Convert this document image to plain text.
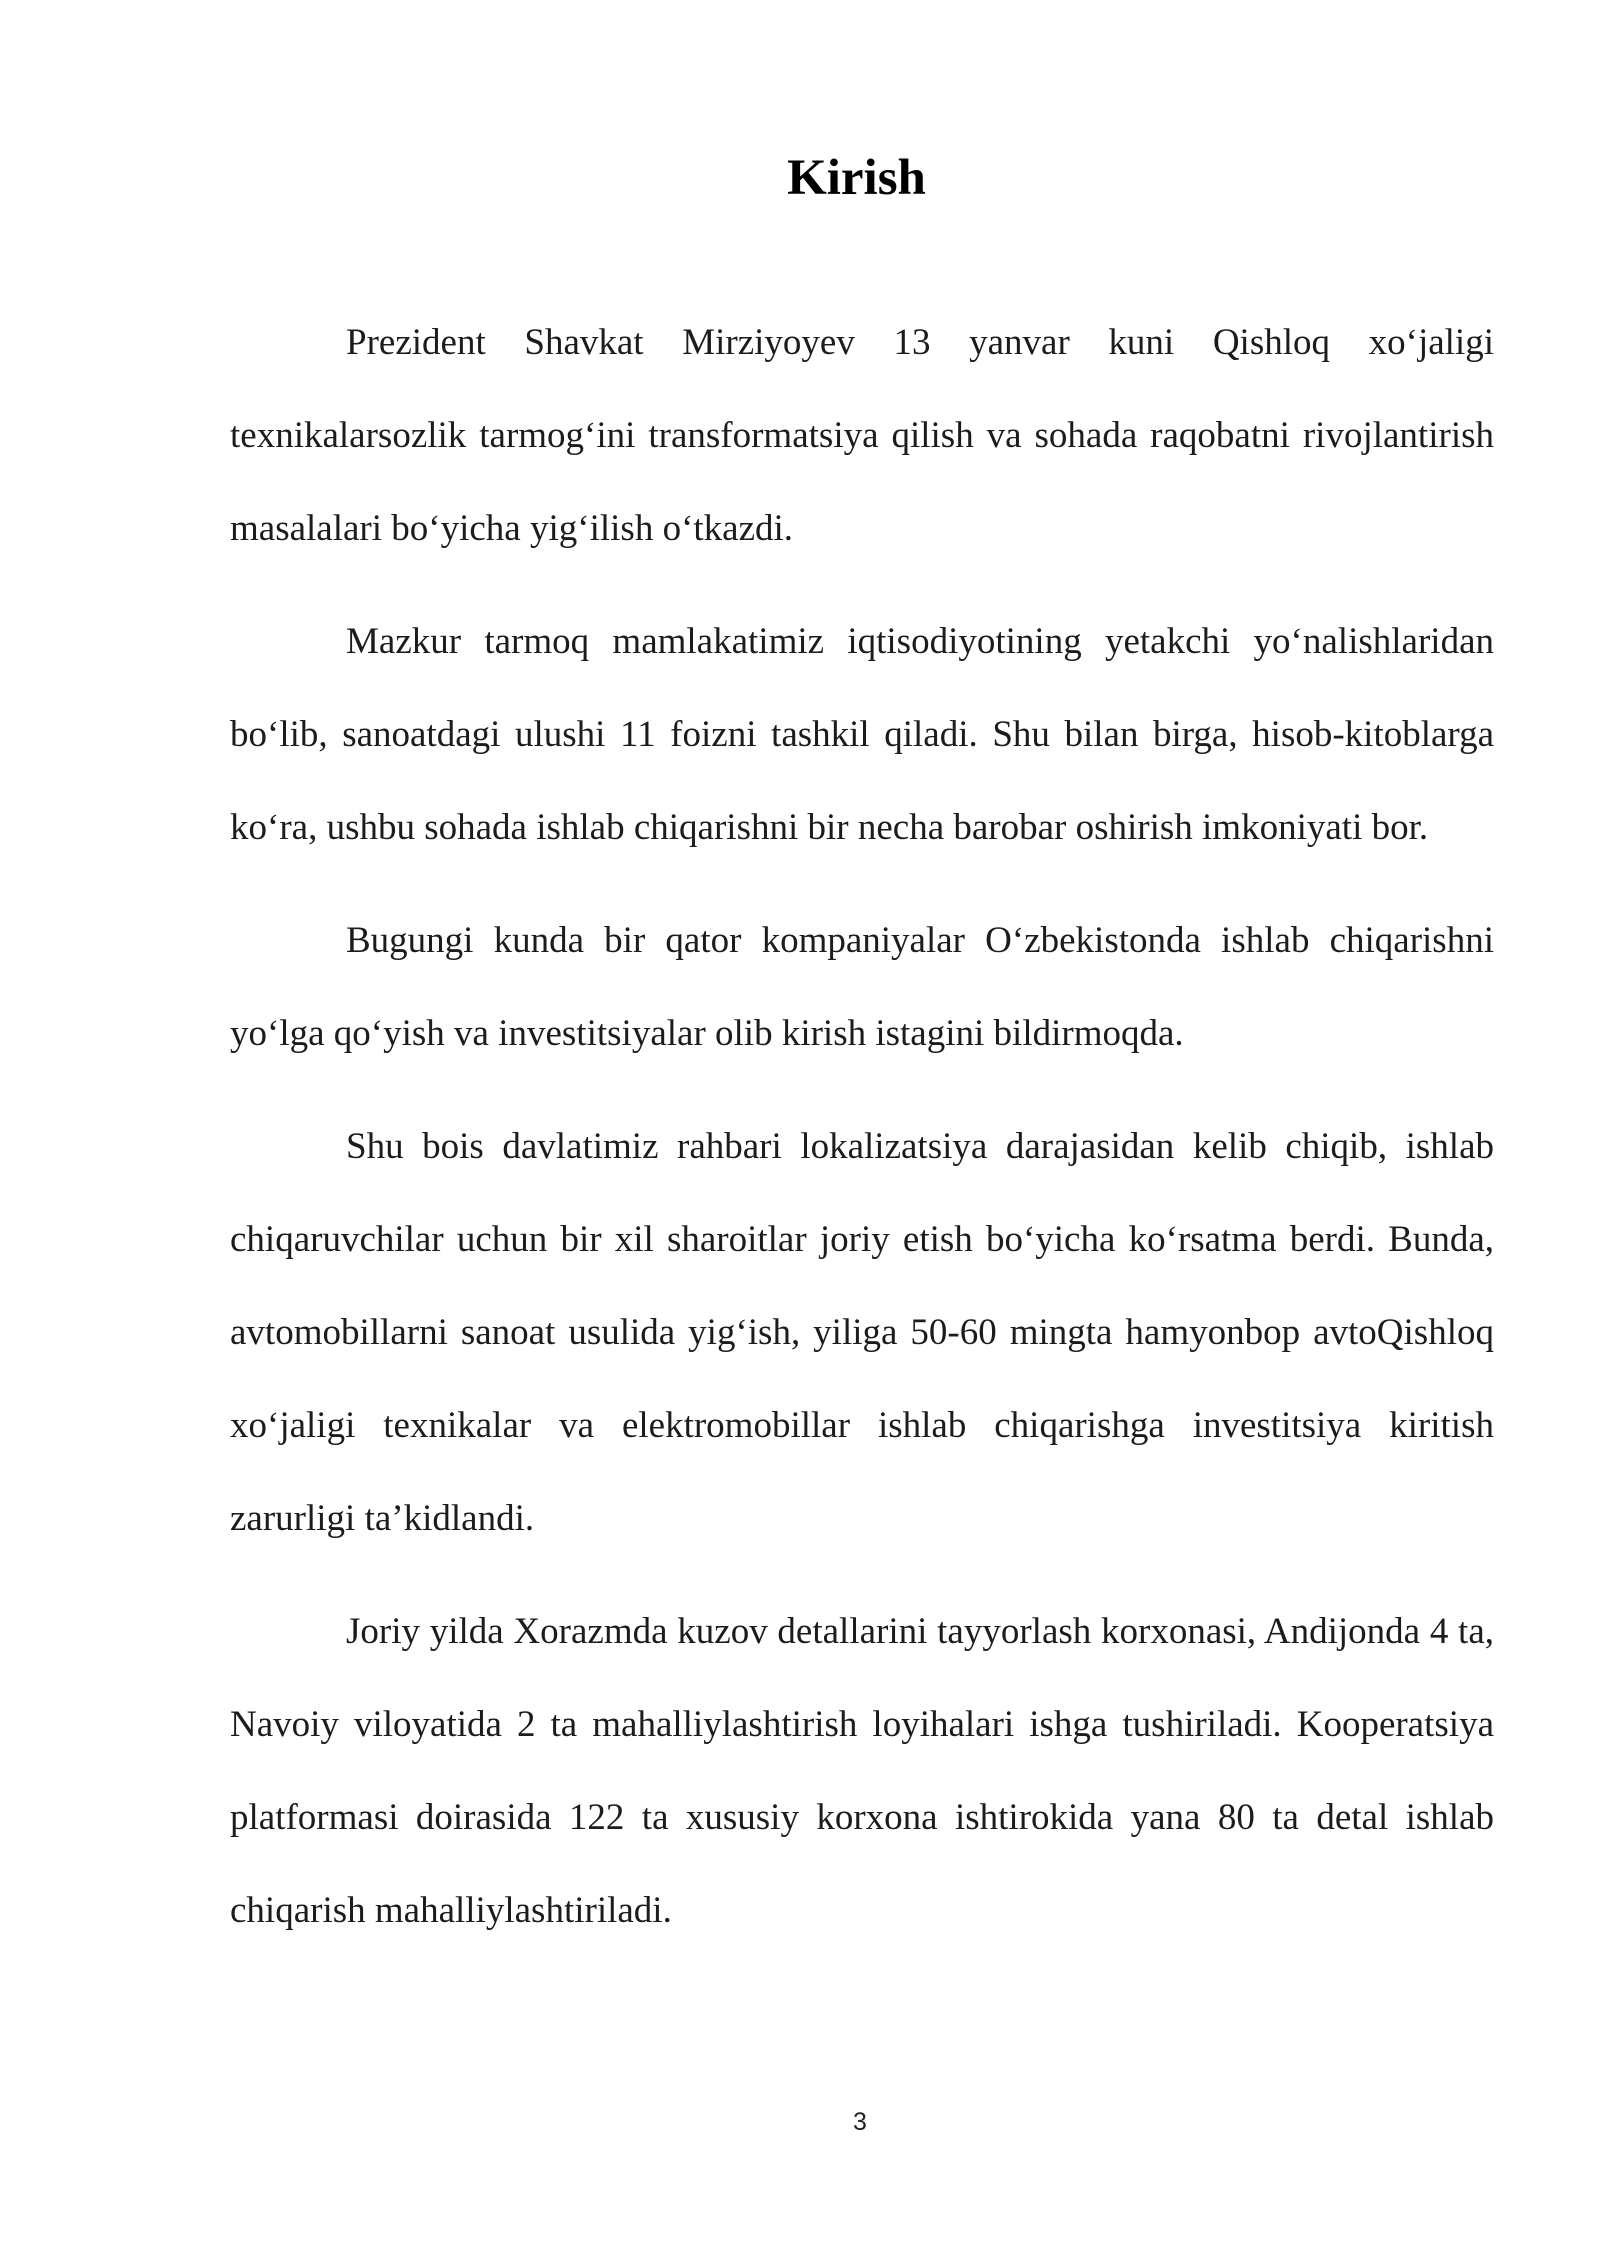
Kirish

Prezident Shavkat Mirziyoyev 13 yanvar kuni Qishloq xo‘jaligi texnikalarsozlik tarmog‘ini transformatsiya qilish va sohada raqobatni rivojlantirish masalalari bo‘yicha yig‘ilish o‘tkazdi.

Mazkur tarmoq mamlakatimiz iqtisodiyotining yetakchi yo‘nalishlaridan bo‘lib, sanoatdagi ulushi 11 foizni tashkil qiladi. Shu bilan birga, hisob-kitoblarga ko‘ra, ushbu sohada ishlab chiqarishni bir necha barobar oshirish imkoniyati bor.

Bugungi kunda bir qator kompaniyalar O‘zbekistonda ishlab chiqarishni yo‘lga qo‘yish va investitsiyalar olib kirish istagini bildirmoqda.

Shu bois davlatimiz rahbari lokalizatsiya darajasidan kelib chiqib, ishlab chiqaruvchilar uchun bir xil sharoitlar joriy etish bo‘yicha ko‘rsatma berdi. Bunda, avtomobillarni sanoat usulida yig‘ish, yiliga 50-60 mingta hamyonbop avtoQishloq xo‘jaligi texnikalar va elektromobillar ishlab chiqarishga investitsiya kiritish zarurligi ta’kidlandi.

Joriy yilda Xorazmda kuzov detallarini tayyorlash korxonasi, Andijonda 4 ta, Navoiy viloyatida 2 ta mahalliylashtirish loyihalari ishga tushiriladi. Kooperatsiya platformasi doirasida 122 ta xususiy korxona ishtirokida yana 80 ta detal ishlab chiqarish mahalliylashtiriladi.

3
